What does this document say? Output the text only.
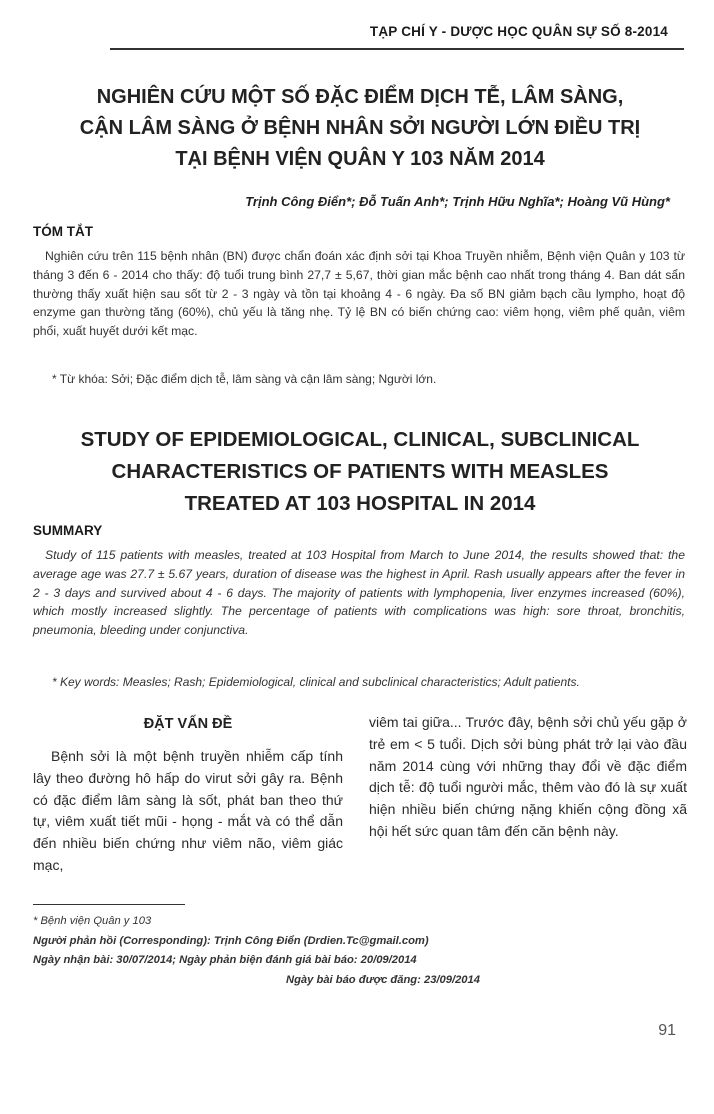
TẠP CHÍ Y - DƯỢC HỌC QUÂN SỰ SỐ 8-2014
NGHIÊN CỨU MỘT SỐ ĐẶC ĐIỂM DỊCH TỄ, LÂM SÀNG,
CẬN LÂM SÀNG Ở BỆNH NHÂN SỞI NGƯỜI LỚN ĐIỀU TRỊ
TẠI BỆNH VIỆN QUÂN Y 103 NĂM 2014
Trịnh Công Điển*; Đỗ Tuấn Anh*; Trịnh Hữu Nghĩa*; Hoàng Vũ Hùng*
TÓM TẮT

Nghiên cứu trên 115 bệnh nhân (BN) được chẩn đoán xác định sởi tại Khoa Truyền nhiễm, Bệnh viện Quân y 103 từ tháng 3 đến 6 - 2014 cho thấy: độ tuổi trung bình 27,7 ± 5,67, thời gian mắc bệnh cao nhất trong tháng 4. Ban dát sẩn thường thấy xuất hiện sau sốt từ 2 - 3 ngày và tồn tại khoảng 4 - 6 ngày. Đa số BN giảm bạch cầu lympho, hoạt độ enzyme gan thường tăng (60%), chủ yếu là tăng nhẹ. Tỷ lệ BN có biến chứng cao: viêm họng, viêm phế quản, viêm phổi, xuất huyết dưới kết mạc.

* Từ khóa: Sởi; Đặc điểm dịch tễ, lâm sàng và cận lâm sàng; Người lớn.
STUDY OF EPIDEMIOLOGICAL, CLINICAL, SUBCLINICAL
CHARACTERISTICS OF PATIENTS WITH MEASLES
TREATED AT 103 HOSPITAL IN 2014
SUMMARY

Study of 115 patients with measles, treated at 103 Hospital from March to June 2014, the results showed that: the average age was 27.7 ± 5.67 years, duration of disease was the highest in April. Rash usually appears after the fever in 2 - 3 days and survived about 4 - 6 days. The majority of patients with lymphopenia, liver enzymes increased (60%), which mostly increased slightly. The percentage of patients with complications was high: sore throat, bronchitis, pneumonia, bleeding under conjunctiva.

* Key words: Measles; Rash; Epidemiological, clinical and subclinical characteristics; Adult patients.
ĐẶT VẤN ĐỀ

Bệnh sởi là một bệnh truyền nhiễm cấp tính lây theo đường hô hấp do virut sởi gây ra. Bệnh có đặc điểm lâm sàng là sốt, phát ban theo thứ tự, viêm xuất tiết mũi - họng - mắt và có thể dẫn đến nhiều biến chứng như viêm não, viêm giác mạc,

viêm tai giữa... Trước đây, bệnh sởi chủ yếu gặp ở trẻ em < 5 tuổi. Dịch sởi bùng phát trở lại vào đầu năm 2014 cùng với những thay đổi về đặc điểm dịch tễ: độ tuổi người mắc, thêm vào đó là sự xuất hiện nhiều biến chứng nặng khiến cộng đồng xã hội hết sức quan tâm đến căn bệnh này.

* Bệnh viện Quân y 103
Người phản hồi (Corresponding): Trịnh Công Điển (Drdien.Tc@gmail.com)
Ngày nhận bài: 30/07/2014; Ngày phản biện đánh giá bài báo: 20/09/2014
Ngày bài báo được đăng: 23/09/2014
91
